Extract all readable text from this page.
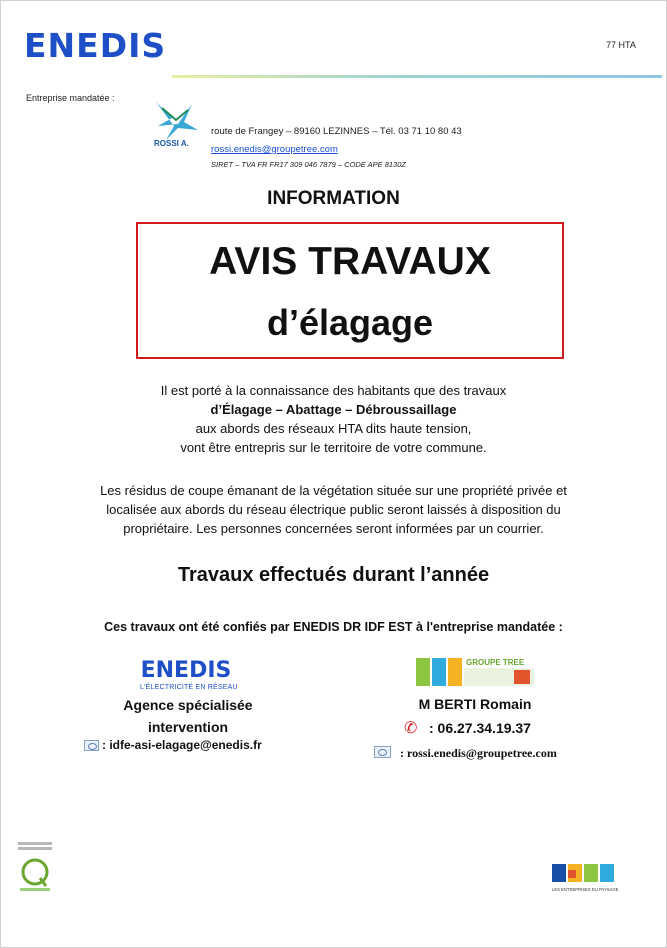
ENEDIS	77 HTA
Entreprise mandatée :
ROSSI A.
route de Frangey – 89160 LEZINNES – Tél. 03 71 10 80 43
rossi.enedis@groupetree.com
SIRET – TVA FR FR17 309 046 7879 – CODE APE 8130Z
INFORMATION
AVIS TRAVAUX
d’élagage
Il est porté à la connaissance des habitants que des travaux
d’Élagage – Abattage – Débroussaillage
aux abords des réseaux HTA dits haute tension,
vont être entrepris sur le territoire de votre commune.
Les résidus de coupe émanant de la végétation située sur une propriété privée et
localisée aux abords du réseau électrique public seront laissés à disposition du
propriétaire. Les personnes concernées seront informées par un courrier.
Travaux effectués durant l’année
Ces travaux ont été confiés par ENEDIS DR IDF EST à l'entreprise mandatée :
ENEDIS
L'ÉLECTRICITÉ EN RÉSEAU
Agence spécialisée
intervention
: idfe-asi-elagage@enedis.fr
GROUPE TREE
M BERTI Romain
✆ : 06.27.34.19.37
: rossi.enedis@groupetree.com
LES ENTREPRISES DU PAYSAGE
